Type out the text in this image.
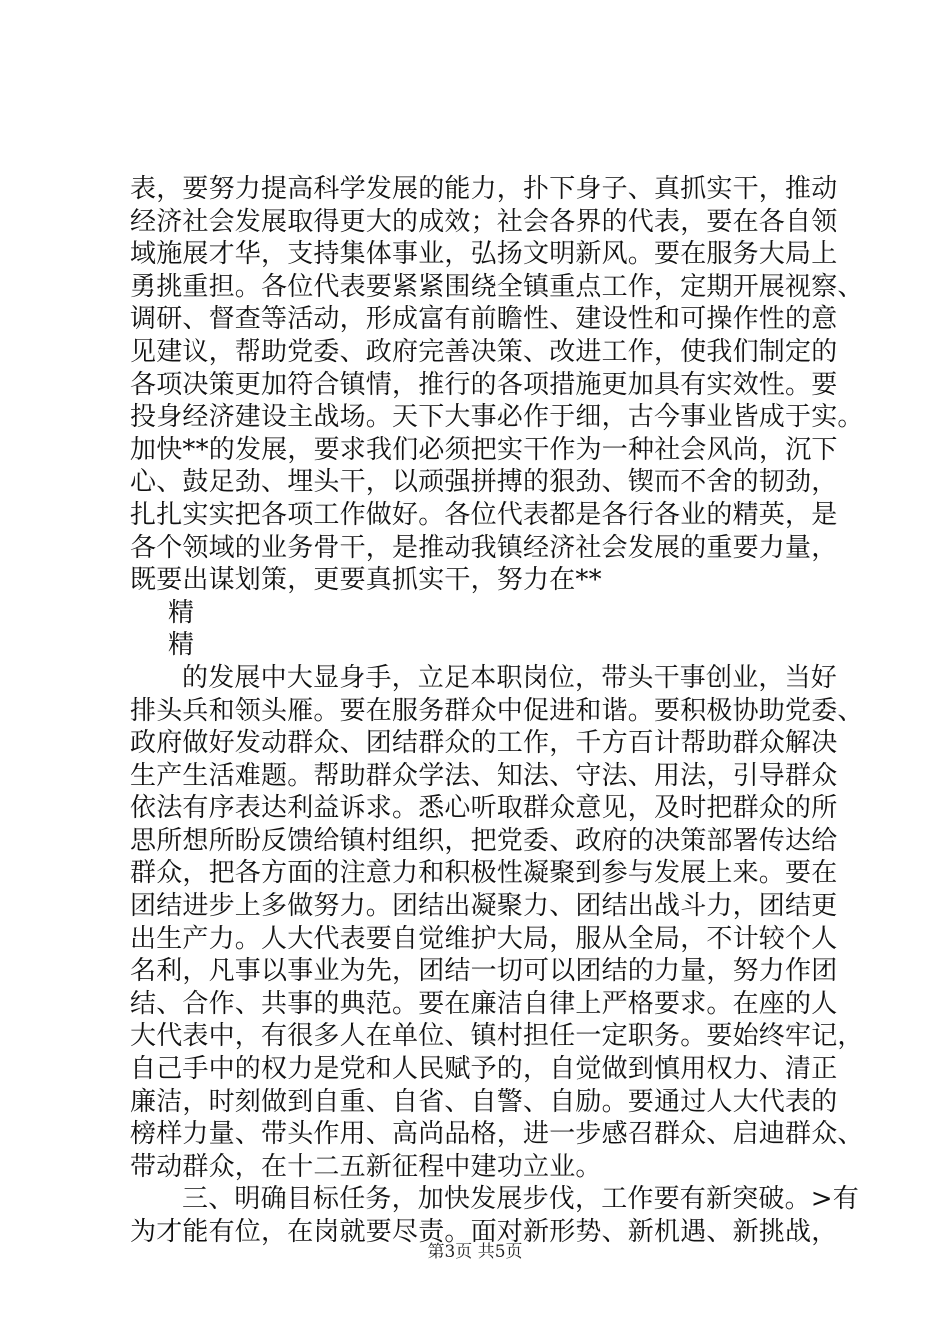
表，要努力提高科学发展的能力，扑下身子、真抓实干，推动
经济社会发展取得更大的成效；社会各界的代表，要在各自领
域施展才华，支持集体事业，弘扬文明新风。要在服务大局上
勇挑重担。各位代表要紧紧围绕全镇重点工作，定期开展视察、
调研、督查等活动，形成富有前瞻性、建设性和可操作性的意
见建议，帮助党委、政府完善决策、改进工作，使我们制定的
各项决策更加符合镇情，推行的各项措施更加具有实效性。要
投身经济建设主战场。天下大事必作于细，古今事业皆成于实。
加快**的发展，要求我们必须把实干作为一种社会风尚，沉下
心、鼓足劲、埋头干，以顽强拼搏的狠劲、锲而不舍的韧劲，
扎扎实实把各项工作做好。各位代表都是各行各业的精英，是
各个领域的业务骨干，是推动我镇经济社会发展的重要力量，
既要出谋划策，更要真抓实干，努力在**
精
精
的发展中大显身手，立足本职岗位，带头干事创业，当好
排头兵和领头雁。要在服务群众中促进和谐。要积极协助党委、
政府做好发动群众、团结群众的工作，千方百计帮助群众解决
生产生活难题。帮助群众学法、知法、守法、用法，引导群众
依法有序表达利益诉求。悉心听取群众意见，及时把群众的所
思所想所盼反馈给镇村组织，把党委、政府的决策部署传达给
群众，把各方面的注意力和积极性凝聚到参与发展上来。要在
团结进步上多做努力。团结出凝聚力、团结出战斗力，团结更
出生产力。人大代表要自觉维护大局，服从全局，不计较个人
名利，凡事以事业为先，团结一切可以团结的力量，努力作团
结、合作、共事的典范。要在廉洁自律上严格要求。在座的人
大代表中，有很多人在单位、镇村担任一定职务。要始终牢记，
自己手中的权力是党和人民赋予的，自觉做到慎用权力、清正
廉洁，时刻做到自重、自省、自警、自励。要通过人大代表的
榜样力量、带头作用、高尚品格，进一步感召群众、启迪群众、
带动群众，在十二五新征程中建功立业。
三、明确目标任务，加快发展步伐，工作要有新突破。>有
为才能有位，在岗就要尽责。面对新形势、新机遇、新挑战，
第3页 共5页
